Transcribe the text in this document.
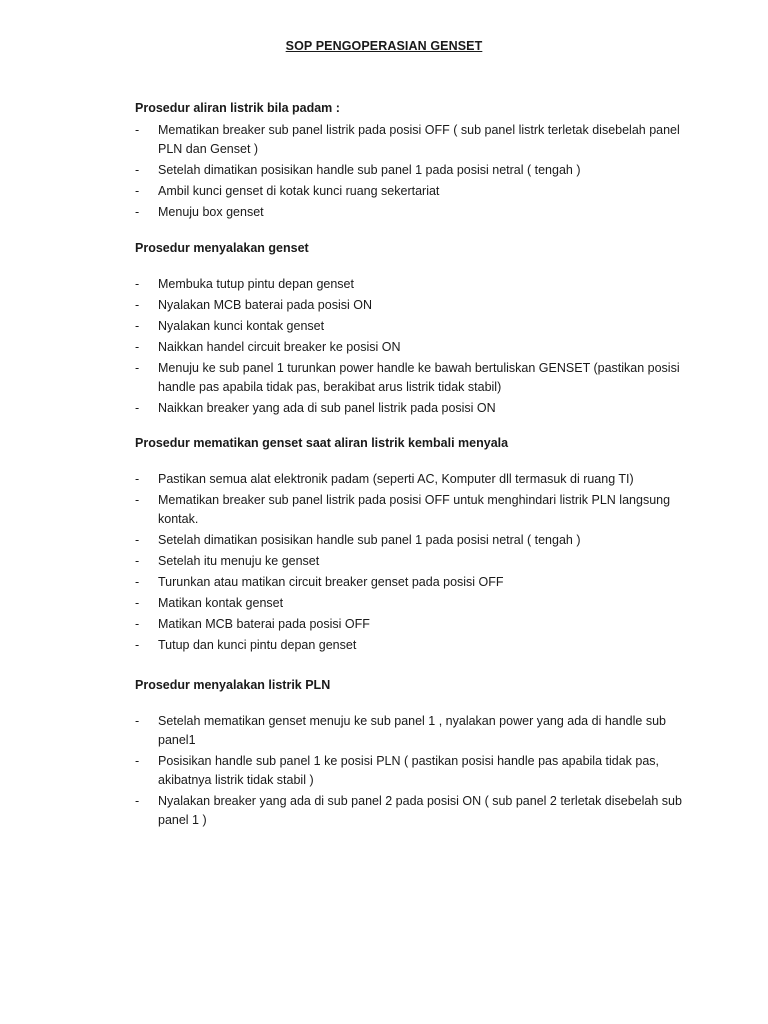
SOP PENGOPERASIAN GENSET

Prosedur aliran listrik bila padam :

- Mematikan breaker sub panel listrik pada posisi OFF ( sub panel listrk terletak disebelah panel PLN dan Genset )
- Setelah dimatikan posisikan handle sub panel 1 pada posisi netral ( tengah )
- Ambil kunci genset di kotak kunci ruang sekertariat
- Menuju box genset

Prosedur menyalakan genset

- Membuka tutup pintu depan genset
- Nyalakan MCB baterai pada posisi ON
- Nyalakan kunci kontak genset
- Naikkan handel circuit breaker ke posisi ON
- Menuju ke sub panel 1 turunkan power handle ke bawah bertuliskan GENSET (pastikan posisi handle pas apabila tidak pas, berakibat arus listrik tidak stabil)
- Naikkan breaker yang ada di sub panel listrik pada posisi ON

Prosedur mematikan genset saat aliran listrik kembali menyala

- Pastikan semua alat elektronik padam (seperti AC, Komputer dll termasuk di ruang TI)
- Mematikan breaker sub panel listrik pada posisi OFF untuk menghindari listrik PLN langsung kontak.
- Setelah dimatikan posisikan handle sub panel 1 pada posisi netral ( tengah )
- Setelah itu menuju ke genset
- Turunkan atau matikan circuit breaker genset pada posisi OFF
- Matikan kontak genset
- Matikan MCB baterai pada posisi OFF
- Tutup dan kunci pintu depan genset

Prosedur menyalakan listrik PLN

- Setelah mematikan genset menuju ke sub panel 1 , nyalakan power yang ada di handle sub panel1
- Posisikan handle sub panel 1 ke posisi PLN ( pastikan posisi handle pas apabila tidak pas, akibatnya listrik tidak stabil )
- Nyalakan breaker yang ada di sub panel 2 pada posisi ON ( sub panel 2 terletak disebelah sub panel 1 )
